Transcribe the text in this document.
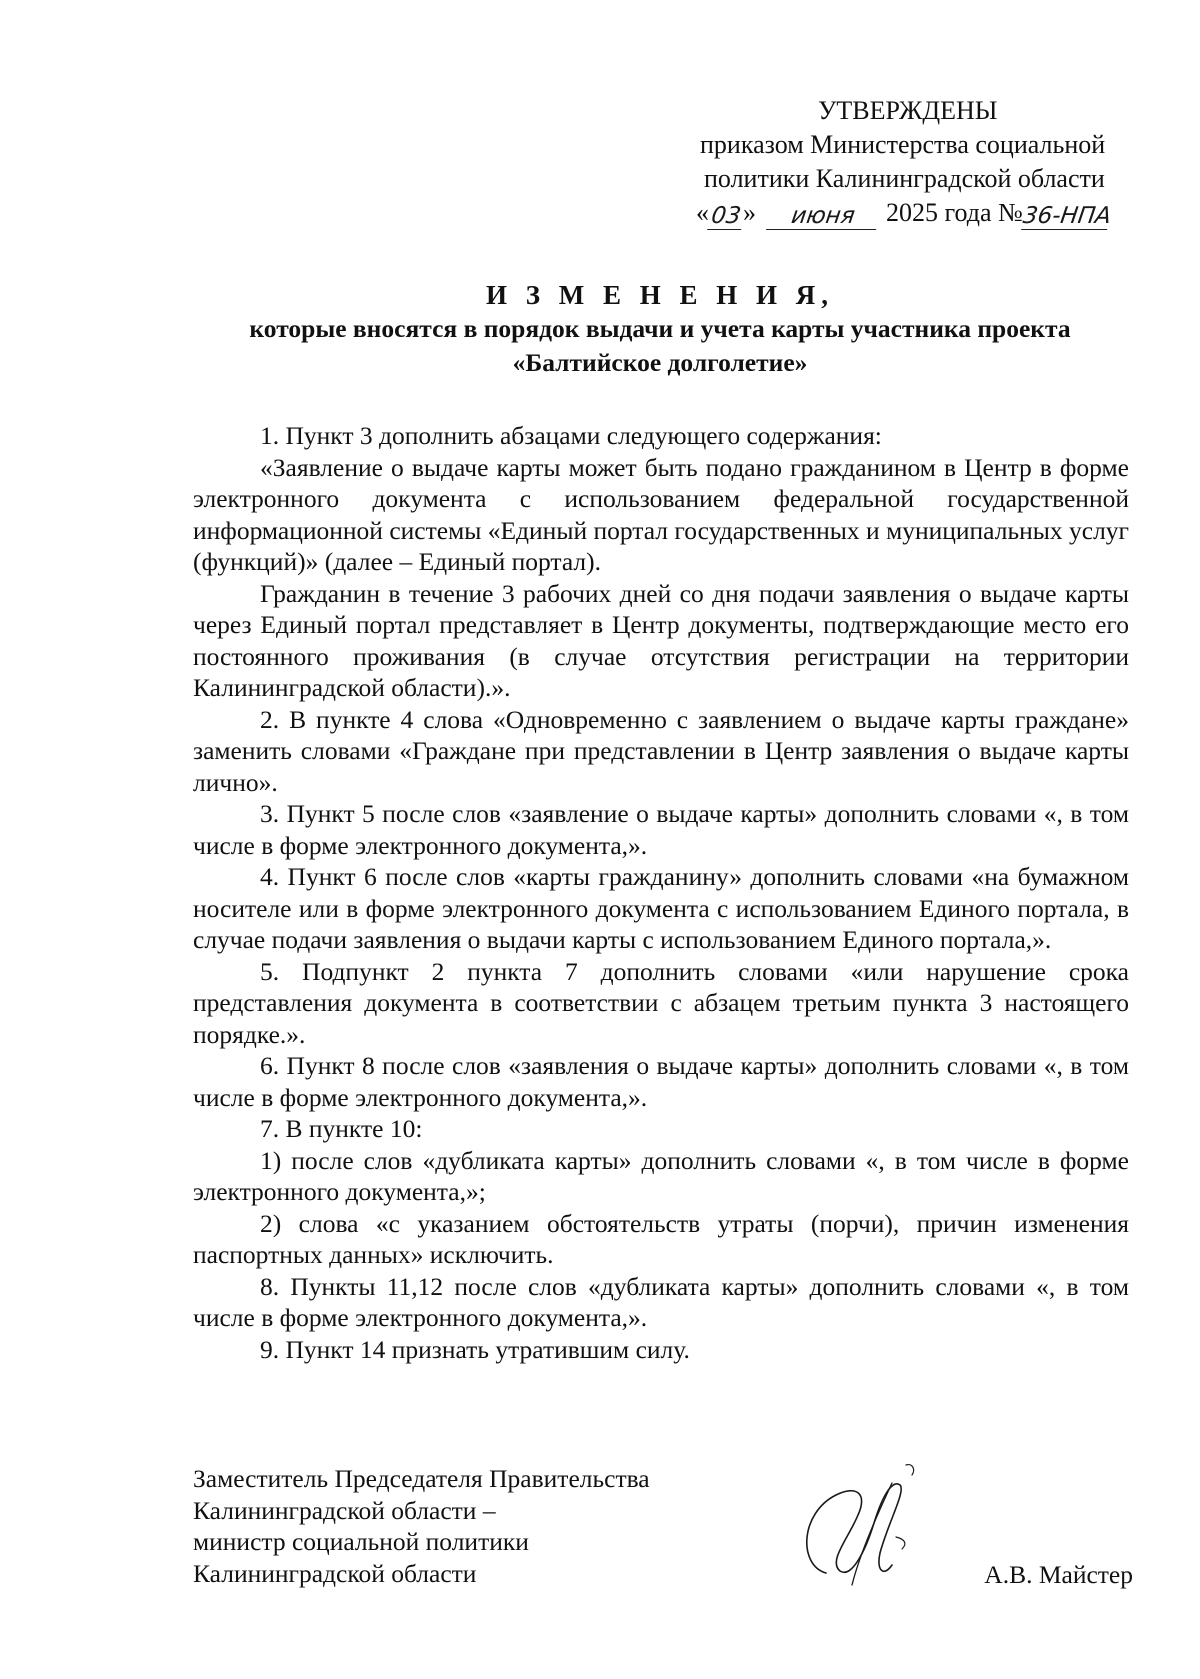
УТВЕРЖДЕНЫ
приказом Министерства социальной
политики Калининградской области
« 03 »	июня	2025 года №
36-НПА
И З М Е Н Е Н И Я,
которые вносятся в порядок выдачи и учета карты участника проекта
«Балтийское долголетие»

1. Пункт 3 дополнить абзацами следующего содержания:

«Заявление о выдаче карты может быть подано гражданином в Центр в форме электронного документа с использованием федеральной государственной информационной системы «Единый портал государственных и муниципальных услуг (функций)» (далее – Единый портал).

Гражданин в течение 3 рабочих дней со дня подачи заявления о выдаче карты через Единый портал представляет в Центр документы, подтверждающие место его постоянного проживания (в случае отсутствия регистрации на территории Калининградской области).».

2. В пункте 4 слова «Одновременно с заявлением о выдаче карты граждане» заменить словами «Граждане при представлении в Центр заявления о выдаче карты лично».

3. Пункт 5 после слов «заявление о выдаче карты» дополнить словами «, в том числе в форме электронного документа,».

4. Пункт 6 после слов «карты гражданину» дополнить словами «на бумажном носителе или в форме электронного документа с использованием Единого портала, в случае подачи заявления о выдачи карты с использованием Единого портала,».

5. Подпункт 2 пункта 7 дополнить словами «или нарушение срока представления документа в соответствии с абзацем третьим пункта 3 настоящего порядке.».

6. Пункт 8 после слов «заявления о выдаче карты» дополнить словами «, в том числе в форме электронного документа,».

7. В пункте 10:

1) после слов «дубликата карты» дополнить словами «, в том числе в форме электронного документа,»;

2) слова «с указанием обстоятельств утраты (порчи), причин изменения паспортных данных» исключить.

8. Пункты 11,12 после слов «дубликата карты» дополнить словами «, в том числе в форме электронного документа,».

9. Пункт 14 признать утратившим силу.

Заместитель Председателя Правительства
Калининградской области –
министр социальной политики
Калининградской области	А.В. Майстер
